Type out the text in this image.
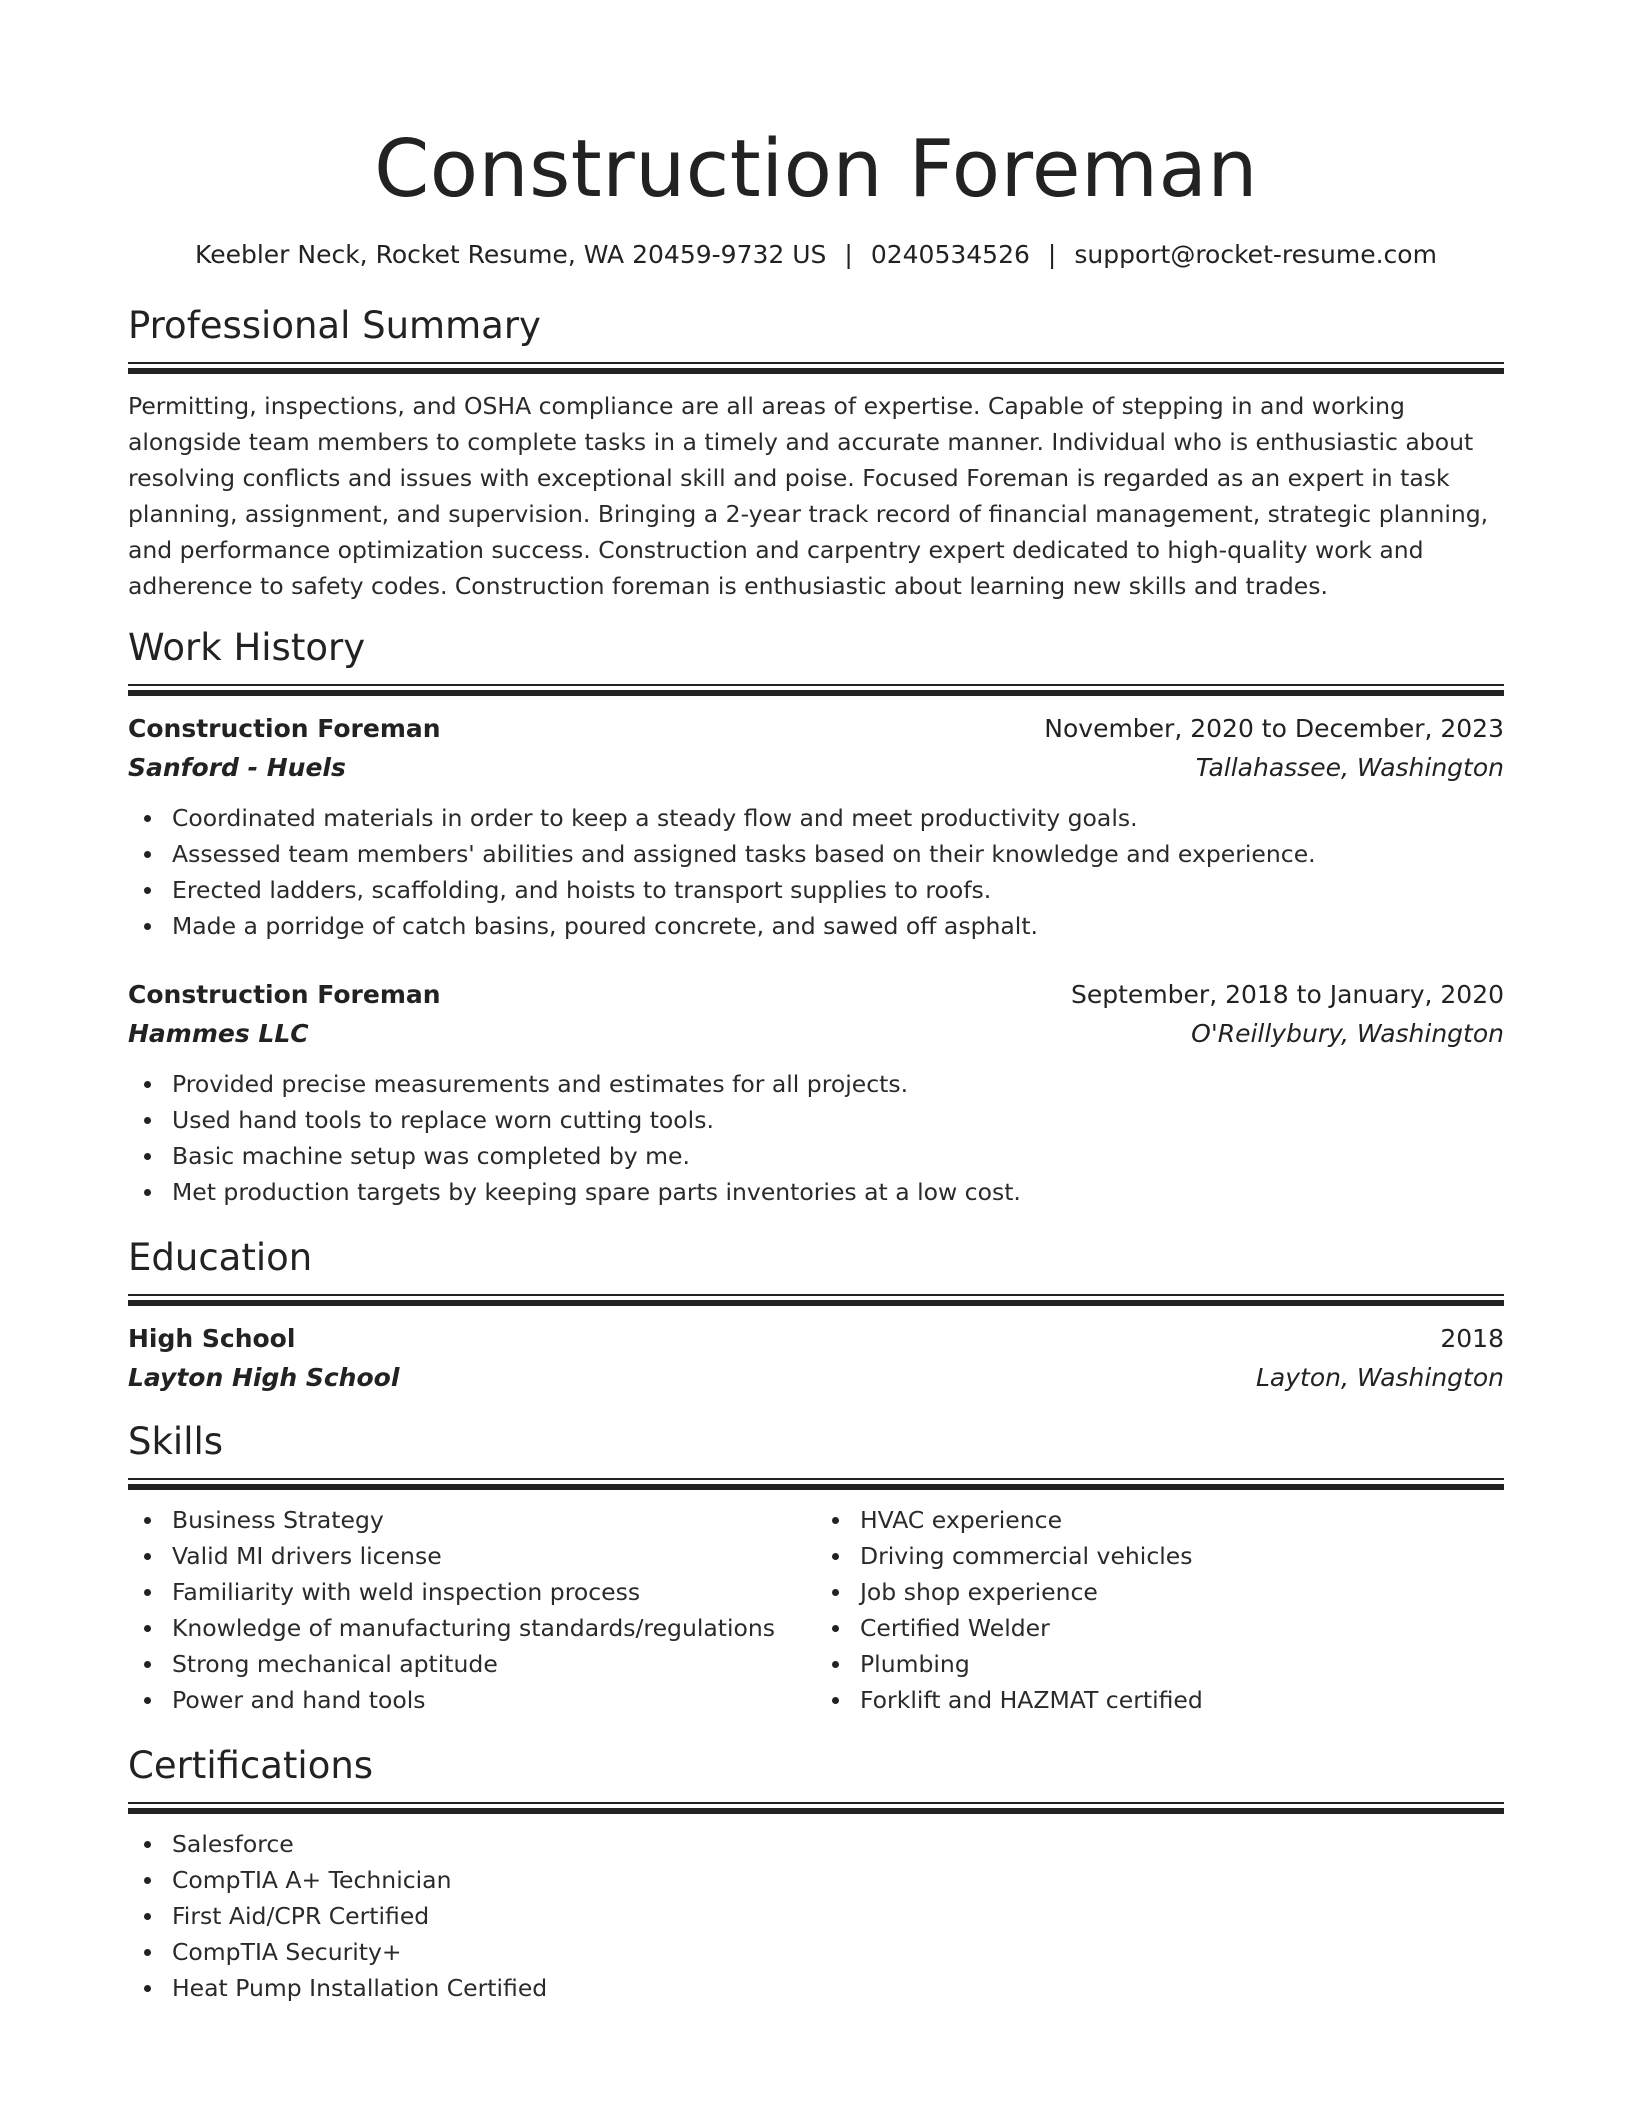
Construction Foreman
Keebler Neck, Rocket Resume, WA 20459-9732 US | 0240534526 | support@rocket-resume.com
Professional Summary
Permitting, inspections, and OSHA compliance are all areas of expertise. Capable of stepping in and working alongside team members to complete tasks in a timely and accurate manner. Individual who is enthusiastic about resolving conflicts and issues with exceptional skill and poise. Focused Foreman is regarded as an expert in task planning, assignment, and supervision. Bringing a 2-year track record of financial management, strategic planning, and performance optimization success. Construction and carpentry expert dedicated to high-quality work and adherence to safety codes. Construction foreman is enthusiastic about learning new skills and trades.
Work History
Construction Foreman	November, 2020 to December, 2023
Sanford - Huels	Tallahassee, Washington
Coordinated materials in order to keep a steady flow and meet productivity goals.
Assessed team members' abilities and assigned tasks based on their knowledge and experience.
Erected ladders, scaffolding, and hoists to transport supplies to roofs.
Made a porridge of catch basins, poured concrete, and sawed off asphalt.
Construction Foreman	September, 2018 to January, 2020
Hammes LLC	O'Reillybury, Washington
Provided precise measurements and estimates for all projects.
Used hand tools to replace worn cutting tools.
Basic machine setup was completed by me.
Met production targets by keeping spare parts inventories at a low cost.
Education
High School	2018
Layton High School	Layton, Washington
Skills
Business Strategy
Valid MI drivers license
Familiarity with weld inspection process
Knowledge of manufacturing standards/regulations
Strong mechanical aptitude
Power and hand tools
HVAC experience
Driving commercial vehicles
Job shop experience
Certified Welder
Plumbing
Forklift and HAZMAT certified
Certifications
Salesforce
CompTIA A+ Technician
First Aid/CPR Certified
CompTIA Security+
Heat Pump Installation Certified
